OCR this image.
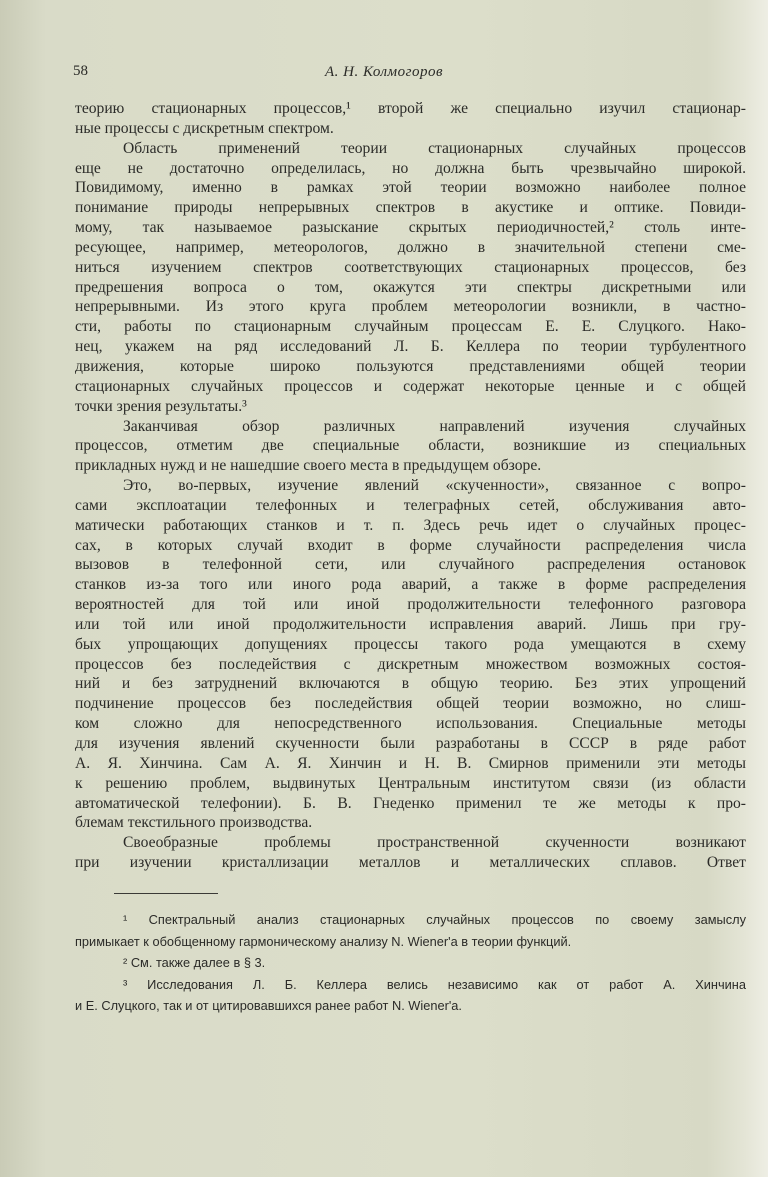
58	А. Н. Колмогоров
теорию стационарных процессов,¹ второй же специально изучил стационар-
ные процессы с дискретным спектром.
Область применений теории стационарных случайных процессов
еще не достаточно определилась, но должна быть чрезвычайно широкой.
Повидимому, именно в рамках этой теории возможно наиболее полное
понимание природы непрерывных спектров в акустике и оптике. Повиди-
мому, так называемое разыскание скрытых периодичностей,² столь инте-
ресующее, например, метеорологов, должно в значительной степени сме-
ниться изучением спектров соответствующих стационарных процессов, без
предрешения вопроса о том, окажутся эти спектры дискретными или
непрерывными. Из этого круга проблем метеорологии возникли, в частно-
сти, работы по стационарным случайным процессам Е. Е. Слуцкого. Нако-
нец, укажем на ряд исследований Л. Б. Келлера по теории турбулентного
движения, которые широко пользуются представлениями общей теории
стационарных случайных процессов и содержат некоторые ценные и с общей
точки зрения результаты.³
Заканчивая обзор различных направлений изучения случайных
процессов, отметим две специальные области, возникшие из специальных
прикладных нужд и не нашедшие своего места в предыдущем обзоре.
Это, во-первых, изучение явлений «скученности», связанное с вопро-
сами эксплоатации телефонных и телеграфных сетей, обслуживания авто-
матически работающих станков и т. п. Здесь речь идет о случайных процес-
сах, в которых случай входит в форме случайности распределения числа
вызовов в телефонной сети, или случайного распределения остановок
станков из-за того или иного рода аварий, а также в форме распределения
вероятностей для той или иной продолжительности телефонного разговора
или той или иной продолжительности исправления аварий. Лишь при гру-
бых упрощающих допущениях процессы такого рода умещаются в схему
процессов без последействия с дискретным множеством возможных состоя-
ний и без затруднений включаются в общую теорию. Без этих упрощений
подчинение процессов без последействия общей теории возможно, но слиш-
ком сложно для непосредственного использования. Специальные методы
для изучения явлений скученности были разработаны в СССР в ряде работ
А. Я. Хинчина. Сам А. Я. Хинчин и Н. В. Смирнов применили эти методы
к решению проблем, выдвинутых Центральным институтом связи (из области
автоматической телефонии). Б. В. Гнеденко применил те же методы к про-
блемам текстильного производства.
Своеобразные проблемы пространственной скученности возникают
при изучении кристаллизации металлов и металлических сплавов. Ответ
¹ Спектральный анализ стационарных случайных процессов по своему замыслу
примыкает к обобщенному гармоническому анализу N. Wiener'а в теории функций.
² См. также далее в § 3.
³ Исследования Л. Б. Келлера велись независимо как от работ А. Хинчина
и Е. Слуцкого, так и от цитировавшихся ранее работ N. Wiener'а.
